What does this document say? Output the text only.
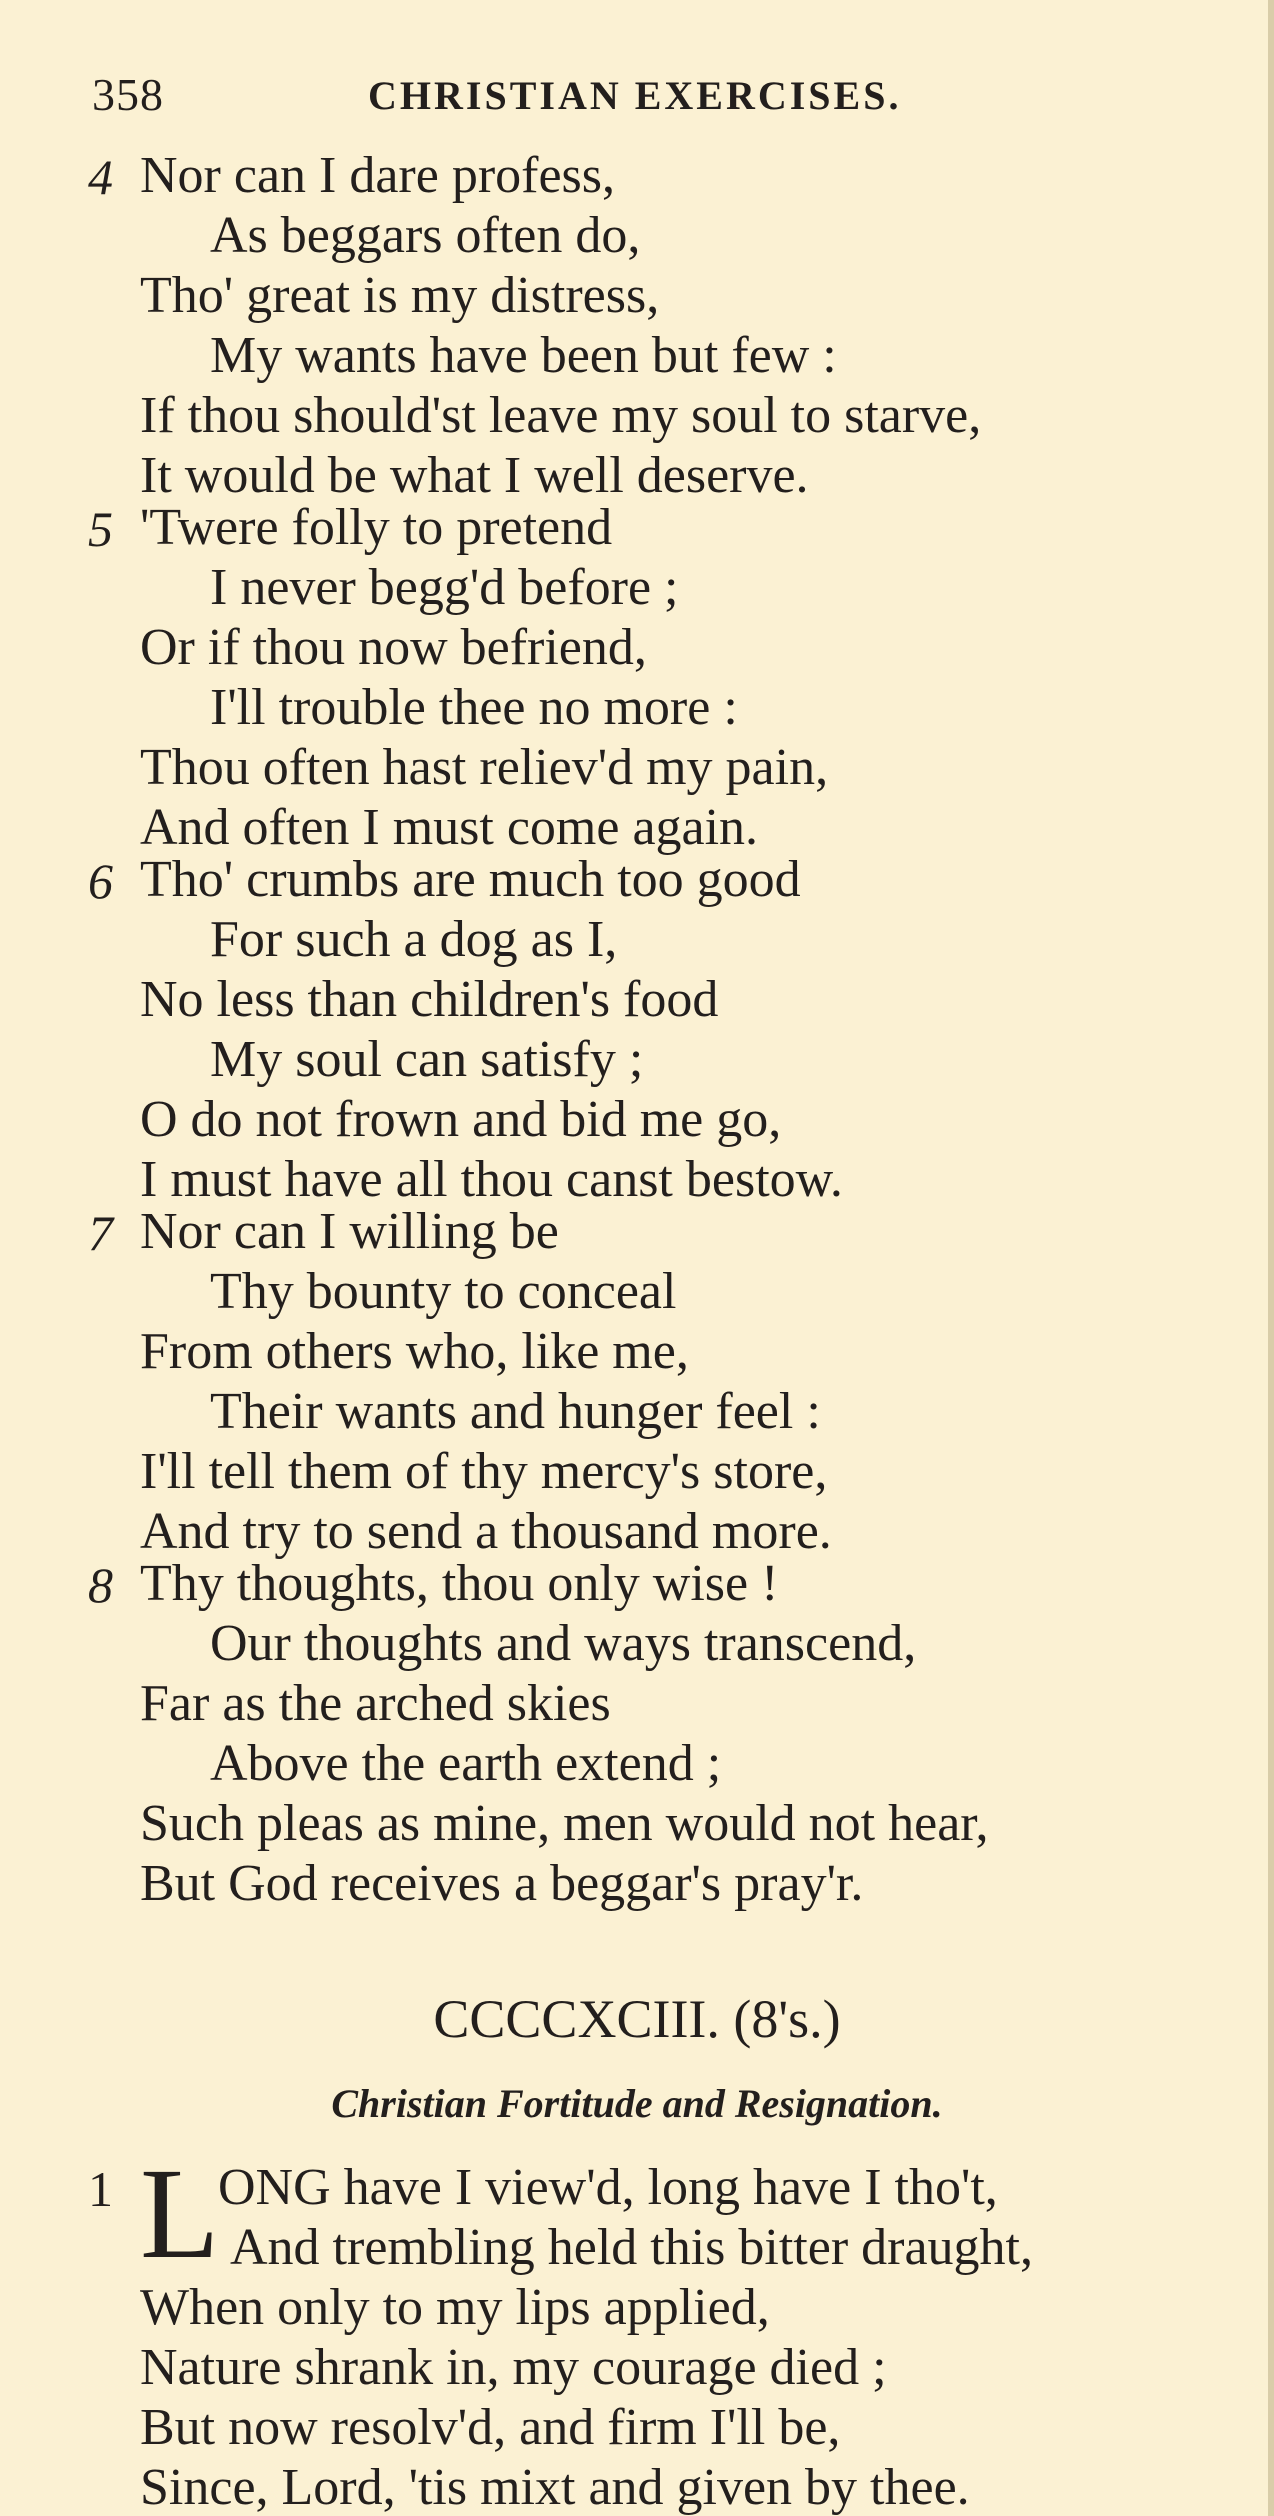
358	CHRISTIAN EXERCISES.
4 Nor can I dare profess,
As beggars often do,
Tho' great is my distress,
My wants have been but few :
If thou should'st leave my soul to starve,
It would be what I well deserve.
5 'Twere folly to pretend
I never begg'd before ;
Or if thou now befriend,
I'll trouble thee no more :
Thou often hast reliev'd my pain,
And often I must come again.
6 Tho' crumbs are much too good
For such a dog as I,
No less than children's food
My soul can satisfy ;
O do not frown and bid me go,
I must have all thou canst bestow.
7 Nor can I willing be
Thy bounty to conceal
From others who, like me,
Their wants and hunger feel :
I'll tell them of thy mercy's store,
And try to send a thousand more.
8 Thy thoughts, thou only wise !
Our thoughts and ways transcend,
Far as the arched skies
Above the earth extend ;
Such pleas as mine, men would not hear,
But God receives a beggar's pray'r.
CCCCXCIII. (8's.)
Christian Fortitude and Resignation.
1 L
ONG have I view'd, long have I tho't,
And trembling held this bitter draught,
When only to my lips applied,
Nature shrank in, my courage died ;
But now resolv'd, and firm I'll be,
Since, Lord, 'tis mixt and given by thee.
